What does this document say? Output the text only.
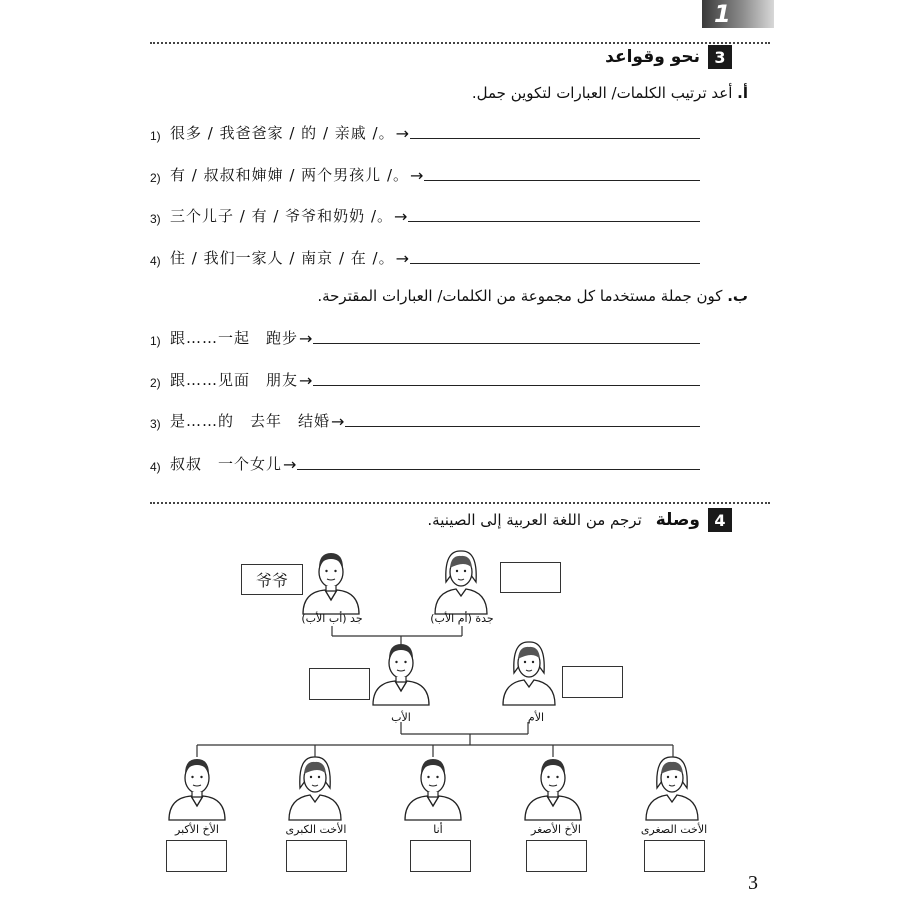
1
نحو وقواعد 3
أ. أعد ترتيب الكلمات/ العبارات لتكوين جمل.
1) 很多 / 我爸爸家 / 的 / 亲戚 /。 →
2) 有 / 叔叔和婶婶 / 两个男孩儿 /。 →
3) 三个儿子 / 有 / 爷爷和奶奶 /。 →
4) 住 / 我们一家人 / 南京 / 在 /。 →
ب. كون جملة مستخدما كل مجموعة من الكلمات/ العبارات المقترحة.
1) 跟……一起　跑步 →
2) 跟……见面　朋友 →
3) 是……的　去年　结婚 →
4) 叔叔　一个女儿 →
ترجم من اللغة العربية إلى الصينية. وصلة 4
爷爷
جد (أب الأب)	جدة (أم الأب)
الأب	الأم
الأخ الأكبر	الأخت الكبرى	أنا	الأخ الأصغر	الأخت الصغرى
3
